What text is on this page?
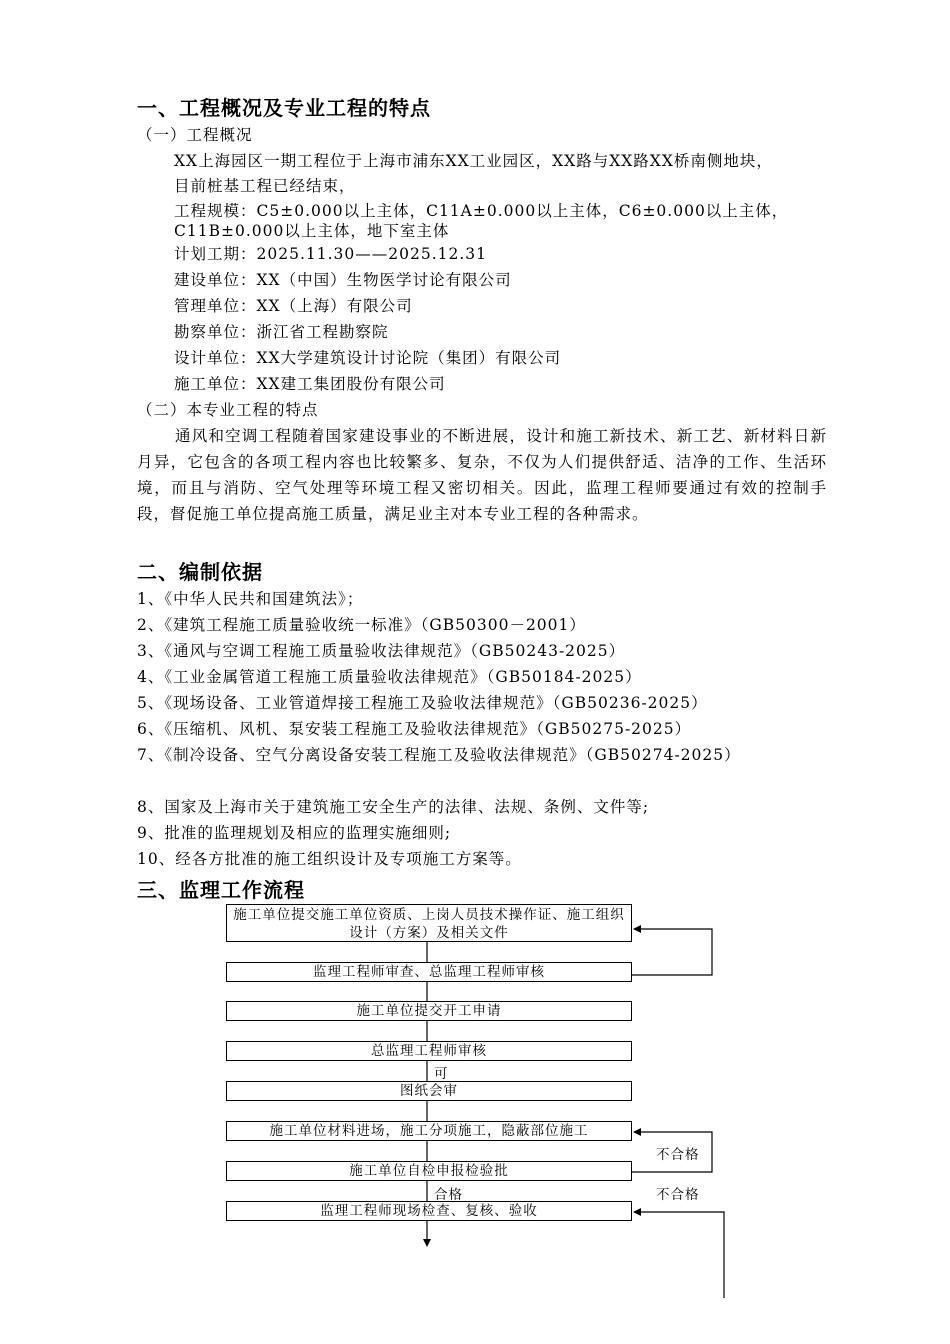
一、工程概况及专业工程的特点
（一）工程概况
XX上海园区一期工程位于上海市浦东XX工业园区，XX路与XX路XX桥南侧地块，
目前桩基工程已经结束，
工程规模：C5±0.000以上主体，C11A±0.000以上主体，C6±0.000以上主体，
C11B±0.000以上主体，地下室主体
计划工期：2025.11.30——2025.12.31
建设单位：XX（中国）生物医学讨论有限公司
管理单位：XX（上海）有限公司
勘察单位：浙江省工程勘察院
设计单位：XX大学建筑设计讨论院（集团）有限公司
施工单位：XX建工集团股份有限公司
（二）本专业工程的特点

通风和空调工程随着国家建设事业的不断进展，设计和施工新技术、新工艺、新材料日新月异，它包含的各项工程内容也比较繁多、复杂，不仅为人们提供舒适、洁净的工作、生活环境，而且与消防、空气处理等环境工程又密切相关。因此，监理工程师要通过有效的控制手段，督促施工单位提高施工质量，满足业主对本专业工程的各种需求。

二、编制依据
1、《中华人民共和国建筑法》；
2、《建筑工程施工质量验收统一标准》（GB50300－2001）
3、《通风与空调工程施工质量验收法律规范》（GB50243-2025）
4、《工业金属管道工程施工质量验收法律规范》（GB50184-2025）
5、《现场设备、工业管道焊接工程施工及验收法律规范》（GB50236-2025）
6、《压缩机、风机、泵安装工程施工及验收法律规范》（GB50275-2025）

7、《制冷设备、空气分离设备安装工程施工及验收法律规范》（GB50274-2025）

8、国家及上海市关于建筑施工安全生产的法律、法规、条例、文件等;
9、批准的监理规划及相应的监理实施细则;
10、经各方批准的施工组织设计及专项施工方案等。
三、监理工作流程
施工单位提交施工单位资质、上岗人员技术操作证、施工组织设计（方案）及相关文件
监理工程师审查、总监理工程师审核
施工单位提交开工申请
总监理工程师审核
图纸会审
施工单位材料进场，施工分项施工，隐蔽部位施工
施工单位自检申报检验批
监理工程师现场检查、复核、验收
可
合格
不合格
不合格
